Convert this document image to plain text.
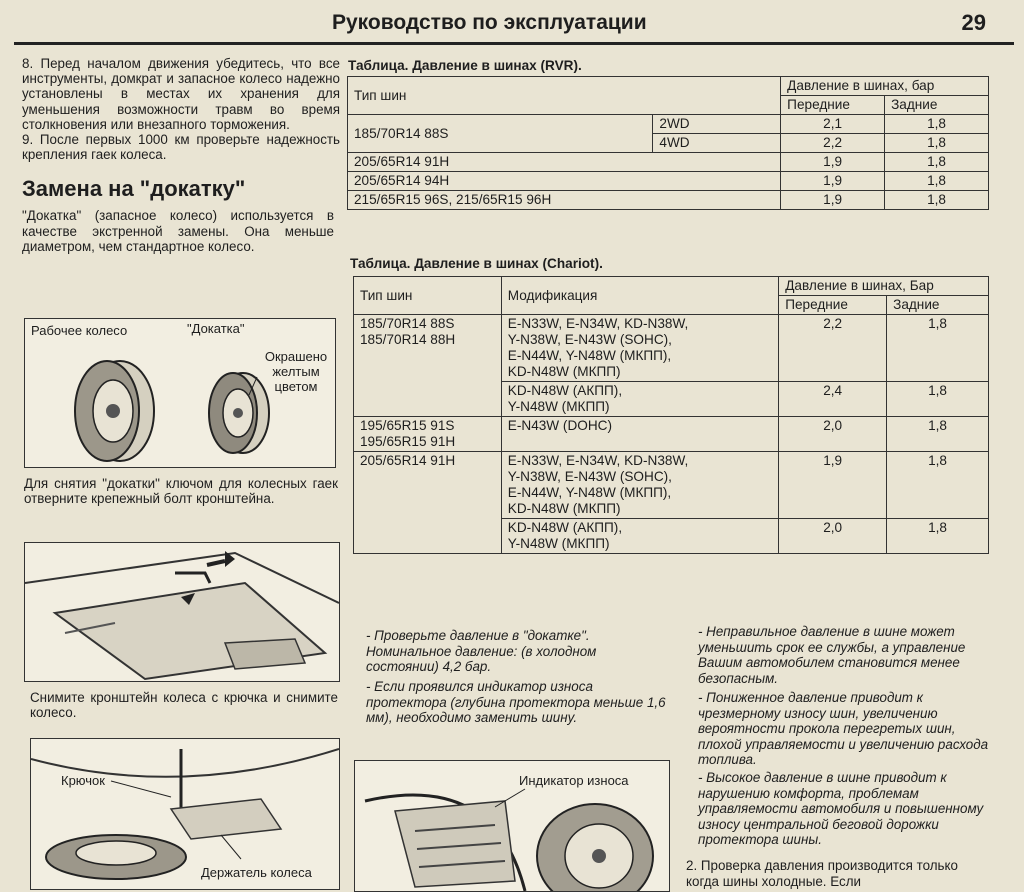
Руководство по эксплуатации	29

8. Перед началом движения убедитесь, что все инструменты, домкрат и запасное колесо надежно установлены в местах их хранения для уменьшения возможности травм во время столкновения или внезапного торможения.

9. После первых 1000 км проверьте надежность крепления гаек колеса.

Замена на "докатку"

"Докатка" (запасное колесо) используется в качестве экстренной замены. Она меньше диаметром, чем стандартное колесо.

Рабочее колесо	"Докатка"
Окрашено желтым цветом

Для снятия "докатки" ключом для колесных гаек отверните крепежный болт кронштейна.

Снимите кронштейн колеса с крючка и снимите колесо.

Крючок
Держатель колеса
Таблица. Давление в шинах (RVR).
Тип шин		Давление в шинах, бар	
		Передние	Задние
185/70R14 88S	2WD	2,1	1,8
	4WD	2,2	1,8
205/65R14 91H		1,9	1,8
205/65R14 94H		1,9	1,8
215/65R15 96S, 215/65R15 96H		1,9	1,8
Таблица. Давление в шинах (Chariot).
Тип шин	Модификация	Давление в шинах, Бар	
		Передние	Задние
185/70R14 88S
185/70R14 88H	E-N33W, E-N34W, KD-N38W,
Y-N38W, E-N43W (SOHC),
E-N44W, Y-N48W (МКПП),
KD-N48W (МКПП)	2,2	1,8
	KD-N48W (АКПП),
Y-N48W (МКПП)	2,4	1,8
195/65R15 91S
195/65R15 91H	E-N43W (DOHC)	2,0	1,8
205/65R14 91H	E-N33W, E-N34W, KD-N38W,
Y-N38W, E-N43W (SOHC),
E-N44W, Y-N48W (МКПП),
KD-N48W (МКПП)	1,9	1,8
	KD-N48W (АКПП),
Y-N48W (МКПП)	2,0	1,8

- Проверьте давление в "докатке". Номинальное давление: (в холодном состоянии) 4,2 бар.

- Если проявился индикатор износа протектора (глубина протектора меньше 1,6 мм), необходимо заменить шину.

Индикатор износа

- Неправильное давление в шине может уменьшить срок ее службы, а управление Вашим автомобилем становится менее безопасным.

- Пониженное давление приводит к чрезмерному износу шин, увеличению вероятности прокола перегретых шин, плохой управляемости и увеличению расхода топлива.

- Высокое давление в шине приводит к нарушению комфорта, проблемам управляемости автомобиля и повышенному износу центральной беговой дорожки протектора шины.

2. Проверка давления производится только когда шины холодные. Если
